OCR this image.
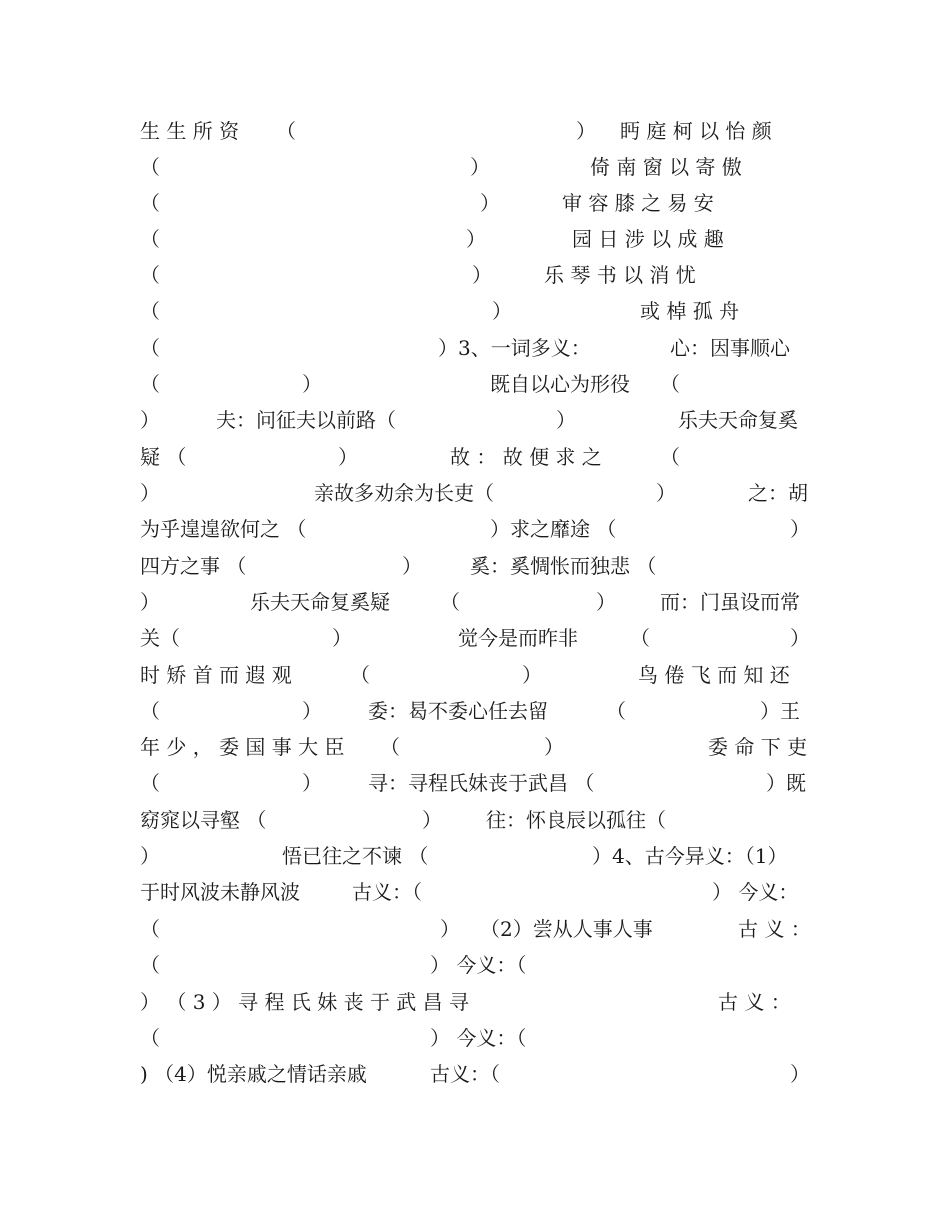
生 生 所 资 （	） 眄 庭 柯 以 怡 颜
（	）	倚 南 窗 以 寄 傲
（	）	审 容 膝 之 易 安
（	）	园 日 涉 以 成 趣
（	）	乐 琴 书 以 消 忧
（	）	或 棹 孤 舟
（	）3、一词多义：	心：因事顺心
（	）	既自以心为形役 （
）	夫：问征夫以前路（	）	乐夫天命复奚
疑 （	）	故 ： 故 便 求 之	（
）	亲故多劝余为长吏（	）	之：胡
为乎遑遑欲何之 （	）求之靡途 （	）
四方之事 （	） 奚：奚惆怅而独悲 （
）	乐夫天命复奚疑	（	） 而：门虽设而常
关（	）	觉今是而昨非	（	）
时 矫 首 而 遐 观	（	）	鸟 倦 飞 而 知 还
（	） 委：曷不委心任去留	（	）王
年 少 ， 委 国 事 大 臣 （	）	委 命 下 吏
（	） 寻：寻程氏妹丧于武昌 （	）既
窈窕以寻壑 （	） 往：怀良辰以孤往（
）	悟已往之不谏 （	）4、古今异义：（1）
于时风波未静风波	古义：（	） 今义：
（	） （2）尝从人事人事	古 义 ：
（	） 今义：（
） （ 3 ） 寻 程 氏 妹 丧 于 武 昌 寻	古 义 ：
（	） 今义：（
) （4）悦亲戚之情话亲戚	古义：（	）
